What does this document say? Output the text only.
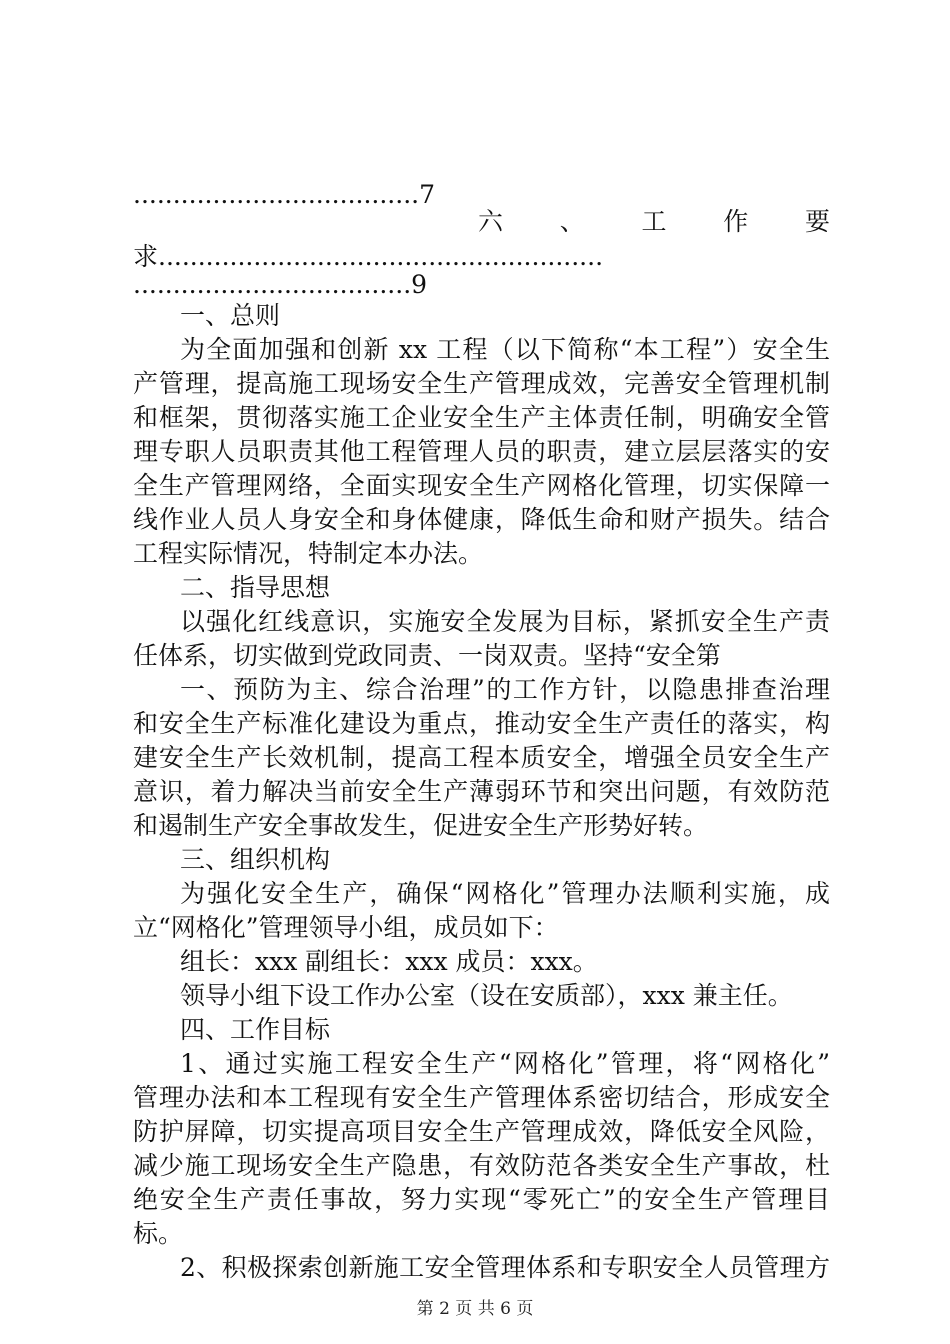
....................................7
六 、 工 作 要
求........................................................
...................................9
一、总则
为全面加强和创新 xx 工程（以下简称“本工程”）安全生
产管理，提高施工现场安全生产管理成效，完善安全管理机制
和框架，贯彻落实施工企业安全生产主体责任制，明确安全管
理专职人员职责其他工程管理人员的职责，建立层层落实的安
全生产管理网络，全面实现安全生产网格化管理，切实保障一
线作业人员人身安全和身体健康，降低生命和财产损失。结合
工程实际情况，特制定本办法。
二、指导思想
以强化红线意识，实施安全发展为目标，紧抓安全生产责
任体系，切实做到党政同责、一岗双责。坚持“安全第
一、预防为主、综合治理”的工作方针，以隐患排查治理
和安全生产标准化建设为重点，推动安全生产责任的落实，构
建安全生产长效机制，提高工程本质安全，增强全员安全生产
意识，着力解决当前安全生产薄弱环节和突出问题，有效防范
和遏制生产安全事故发生，促进安全生产形势好转。
三、组织机构
为强化安全生产，确保“网格化”管理办法顺利实施，成
立“网格化”管理领导小组，成员如下：
组长：xxx 副组长：xxx 成员：xxx。
领导小组下设工作办公室（设在安质部），xxx 兼主任。
四、工作目标
1、通过实施工程安全生产“网格化”管理，将“网格化”
管理办法和本工程现有安全生产管理体系密切结合，形成安全
防护屏障，切实提高项目安全生产管理成效，降低安全风险，
减少施工现场安全生产隐患，有效防范各类安全生产事故，杜
绝安全生产责任事故，努力实现“零死亡”的安全生产管理目
标。
2、积极探索创新施工安全管理体系和专职安全人员管理方
第 2 页 共 6 页
